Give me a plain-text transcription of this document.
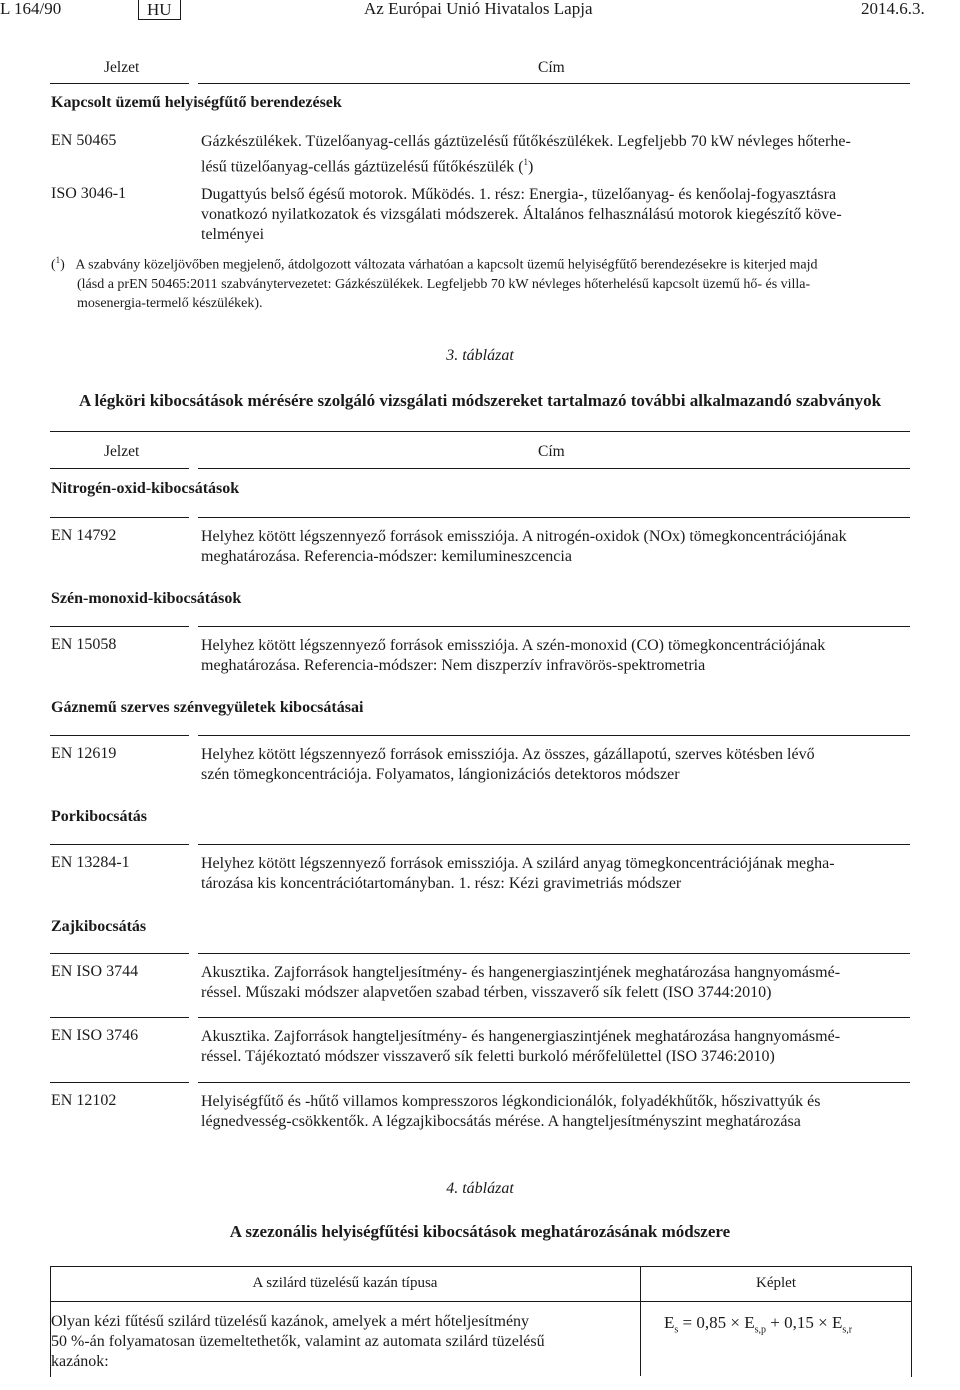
L 164/90	HU	Az Európai Unió Hivatalos Lapja	2014.6.3.
Jelzet	Cím
Kapcsolt üzemű helyiségfűtő berendezések
EN 50465	Gázkészülékek. Tüzelőanyag-cellás gáztüzelésű fűtőkészülékek. Legfeljebb 70 kW névleges hőterhe-
lésű tüzelőanyag-cellás gáztüzelésű fűtőkészülék ($^1$)
ISO 3046-1	Dugattyús belső égésű motorok. Működés. 1. rész: Energia-, tüzelőanyag- és kenőolaj-fogyasztásra
vonatkozó nyilatkozatok és vizsgálati módszerek. Általános felhasználású motorok kiegészítő köve-
telményei
($^1$)   A szabvány közeljövőben megjelenő, átdolgozott változata várhatóan a kapcsolt üzemű helyiségfűtő berendezésekre is kiterjed majd
(lásd a prEN 50465:2011 szabványtervezetet: Gázkészülékek. Legfeljebb 70 kW névleges hőterhelésű kapcsolt üzemű hő- és villa-
mosenergia-termelő készülékek).
3. táblázat
A légköri kibocsátások mérésére szolgáló vizsgálati módszereket tartalmazó további alkalmazandó szabványok
Jelzet	Cím
Nitrogén-oxid-kibocsátások
EN 14792	Helyhez kötött légszennyező források emissziója. A nitrogén-oxidok (NOx) tömegkoncentrációjának
meghatározása. Referencia-módszer: kemilumineszcencia
Szén-monoxid-kibocsátások
EN 15058	Helyhez kötött légszennyező források emissziója. A szén-monoxid (CO) tömegkoncentrációjának
meghatározása. Referencia-módszer: Nem diszperzív infravörös-spektrometria
Gáznemű szerves szénvegyületek kibocsátásai
EN 12619	Helyhez kötött légszennyező források emissziója. Az összes, gázállapotú, szerves kötésben lévő
szén tömegkoncentrációja. Folyamatos, lángionizációs detektoros módszer
Porkibocsátás
EN 13284-1	Helyhez kötött légszennyező források emissziója. A szilárd anyag tömegkoncentrációjának megha-
tározása kis koncentrációtartományban. 1. rész: Kézi gravimetriás módszer
Zajkibocsátás
EN ISO 3744	Akusztika. Zajforrások hangteljesítmény- és hangenergiaszintjének meghatározása hangnyomásmé-
réssel. Műszaki módszer alapvetően szabad térben, visszaverő sík felett (ISO 3744:2010)
EN ISO 3746	Akusztika. Zajforrások hangteljesítmény- és hangenergiaszintjének meghatározása hangnyomásmé-
réssel. Tájékoztató módszer visszaverő sík feletti burkoló mérőfelülettel (ISO 3746:2010)
EN 12102	Helyiségfűtő és -hűtő villamos kompresszoros légkondicionálók, folyadékhűtők, hőszivattyúk és
légnedvesség-csökkentők. A légzajkibocsátás mérése. A hangteljesítményszint meghatározása
4. táblázat
A szezonális helyiségfűtési kibocsátások meghatározásának módszere
A szilárd tüzelésű kazán típusa	Képlet
Olyan kézi fűtésű szilárd tüzelésű kazánok, amelyek a mért hőteljesítmény
50 %-án folyamatosan üzemeltethetők, valamint az automata szilárd tüzelésű
kazánok:
$E_s = 0,85 \times E_{s,p} + 0,15 \times E_{s,r}$
